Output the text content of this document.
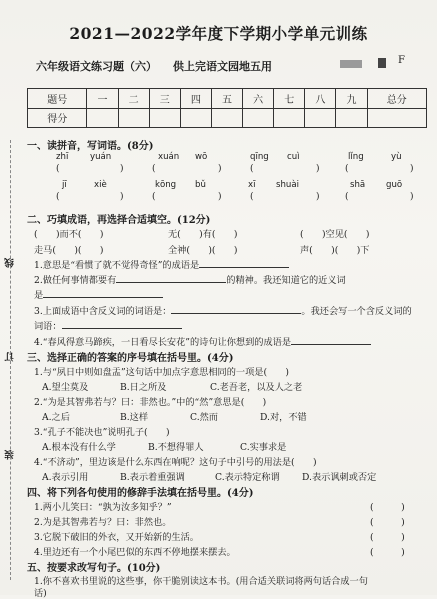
2021—2022学年度下学期小学单元训练
六年级语文练习题（六） 供上完语文园地五用	F
题号	一	二	三	四	五	六	七	八	九	总分
得分										
线
订
装
一、读拼音，写词语。(8分)
zhī	yuán	xuán wō	qīng cuì	lǐng	yù
(	)	(	)	(	)	(	)
jī	xiè	kōng bǔ	xī shuài	shā guō
(	)	(	)	(	)	(	)
二、巧填成语，再选择合适填空。(12分)
(　　)而不(　　)	无(　　)有(　　)	(　　)空见(　　)
走马(　　)(　　)	全神(　　)(　　)	声(　　)(　　)下
1.意思是“看惯了就不觉得奇怪”的成语是
2.做任何事情都要有	的精神。我还知道它的近义词
是
3.上面成语中含反义词的词语是：	。我还会写一个含反义词的
词语：
4.“春风得意马蹄疾，一日看尽长安花”的诗句让你想到的成语是
三、选择正确的答案的序号填在括号里。(4分)
1.与“夙日中则如盘盂”这句话中加点字意思相同的一项是(　　)
A.望尘莫及	B.日之所及	C.老吾老，以及人之老
2.“为是其智弗若与？曰：非然也。”中的“然”意思是(　　)
A.之后	B.这样	C.然而	D.对，不错
3.“孔子不能决也”说明孔子(　　)
A.根本没有什么学	B.不想得罪人	C.实事求是
4.“不济动”，里边该是什么东西在响呢？这句子中引号的用法是(　　)
A.表示引用	B.表示着重强调	C.表示特定称谓 D.表示讽刺或否定
四、将下列各句使用的修辞手法填在括号里。(4分)
1.两小儿笑曰：“孰为汝多知乎？”	(　　　)
2.为是其智弗若与？曰：非然也。	(　　　)
3.它脱下破旧的外衣，又开始新的生活。	(　　　)
4.里边还有一个小尾巴似的东西不停地摆来摆去。	(　　　)
五、按要求改写句子。(10分)
1.你不喜欢书里说的这些事，你干脆别读这本书。(用合适关联词将两句话合成一句
话)
